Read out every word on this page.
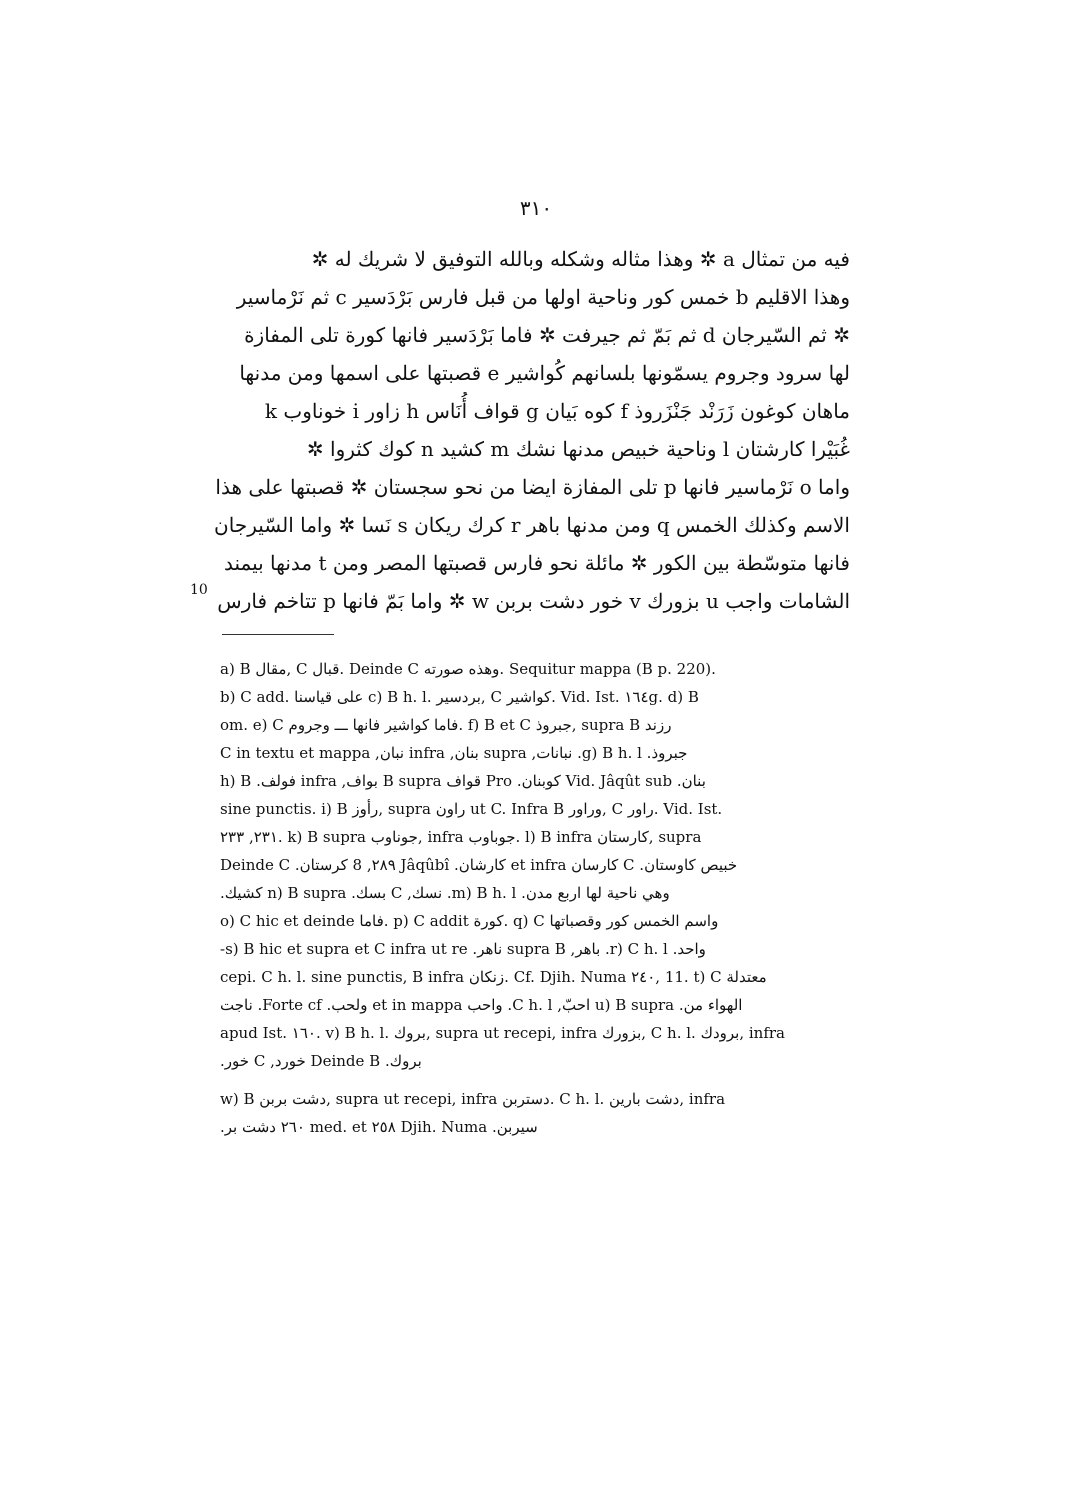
٣١٠
فيه من تمثال ‪a‬ ✲ وهذا مثاله وشكله وبالله التوفيق لا شريك له ✲
وهذا الاقليم ‪b‬ خمس كور وناحية اولها من قبل فارس بَرْدَسير ‪c‬ ثم نَرْماسير
✲ ثم السّيرجان ‪d‬ ثم بَمّ ثم جيرفت ✲ فاما بَرْدَسير فانها كورة تلى المفازة
لها سرود وجروم يسمّونها بلسانهم كُواشير ‪e‬ قصبتها على اسمها ومن مدنها
ماهان كوغون زَرَنْد جَنْزَروذ ‪f‬ كوه بَيان ‪g‬ قواف أُنَاس ‪h‬ زاور ‪i‬ خوناوب ‪k‬
غُبَيْرا كارشتان ‪l‬ وناحية خبيص مدنها نشك ‪m‬ كشيد ‪n‬ كوك كثروا ✲
واما ‪o‬ نَرْماسير فانها ‪p‬ تلى المفازة ايضا من نحو سجستان ✲ قصبتها على هذا
الاسم وكذلك الخمس ‪q‬ ومن مدنها باهر ‪r‬ كرك ريكان ‪s‬ نَسا ✲ واما السّيرجان
فانها متوسّطة بين الكور ✲ مائلة نحو فارس قصبتها المصر ومن ‪t‬ مدنها بيمند
10 الشامات واجب ‪u‬ بزورك ‪v‬ خور دشت بربن ‪w‬ ✲ واما بَمّ فانها ‪p‬ تتاخم فارس
a) B مقال, C قبال. Deinde C وهذه صورته. Sequitur mappa (B p. 220).
b) C add. على قياسنا c) B h. l. بردسير, C كواشير. Vid. Ist. ١٦٤g. d) B
om. e) C فاما كواشير فانها ـــ وجروم. f) B et C جبروذ, supra B رزند
جبروذ. g) B h. l. نبانات, supra بنان, infra نبان, C in textu et mappa
بنان. Vid. Jâqût sub كوبنان. Pro قواف B supra بواف, infra فولف. h) B
sine punctis. i) B رأوز, supra راون ut C. Infra B وراور, C راور. Vid. Ist.
٢٣١, ٢٣٣. k) B supra جوناوب, infra جوباوب. l) B infra كارستان, supra
خبيص كاوستان. C كارسان et infra كارشان. Jâqûbî ٢٨٩, 8 كرستان. Deinde C
وهي ناحية لها اربع مدن. m) B h. l. نسك, C بسك. n) B supra كشيك.
o) C hic et deinde فاما. p) C addit كورة. q) C واسم الخمس كور وقصباتها
واحد. r) C h. l. باهر, supra B ناهر. s) B hic et supra et C infra ut re-
cepi. C h. l. sine punctis, B infra زنكان. Cf. Djih. Numa ٢٤٠, 11. t) C معتدلة
الهواء من. u) B supra احبّ, C h. l. واحب et in mappa ولحب. Forte cf. ناجت
apud Ist. ١٦٠. v) B h. l. بروك, supra ut recepi, infra بزورك, C h. l. برودك, infra
بروك. Deinde B خورد, C خور.
w) B دشت بربن, supra ut recepi, infra دستربن. C h. l. دشت بارين, infra
سيربن. Djih. Numa ٢٥٨ med. et ٢٦٠ دشت بر.
